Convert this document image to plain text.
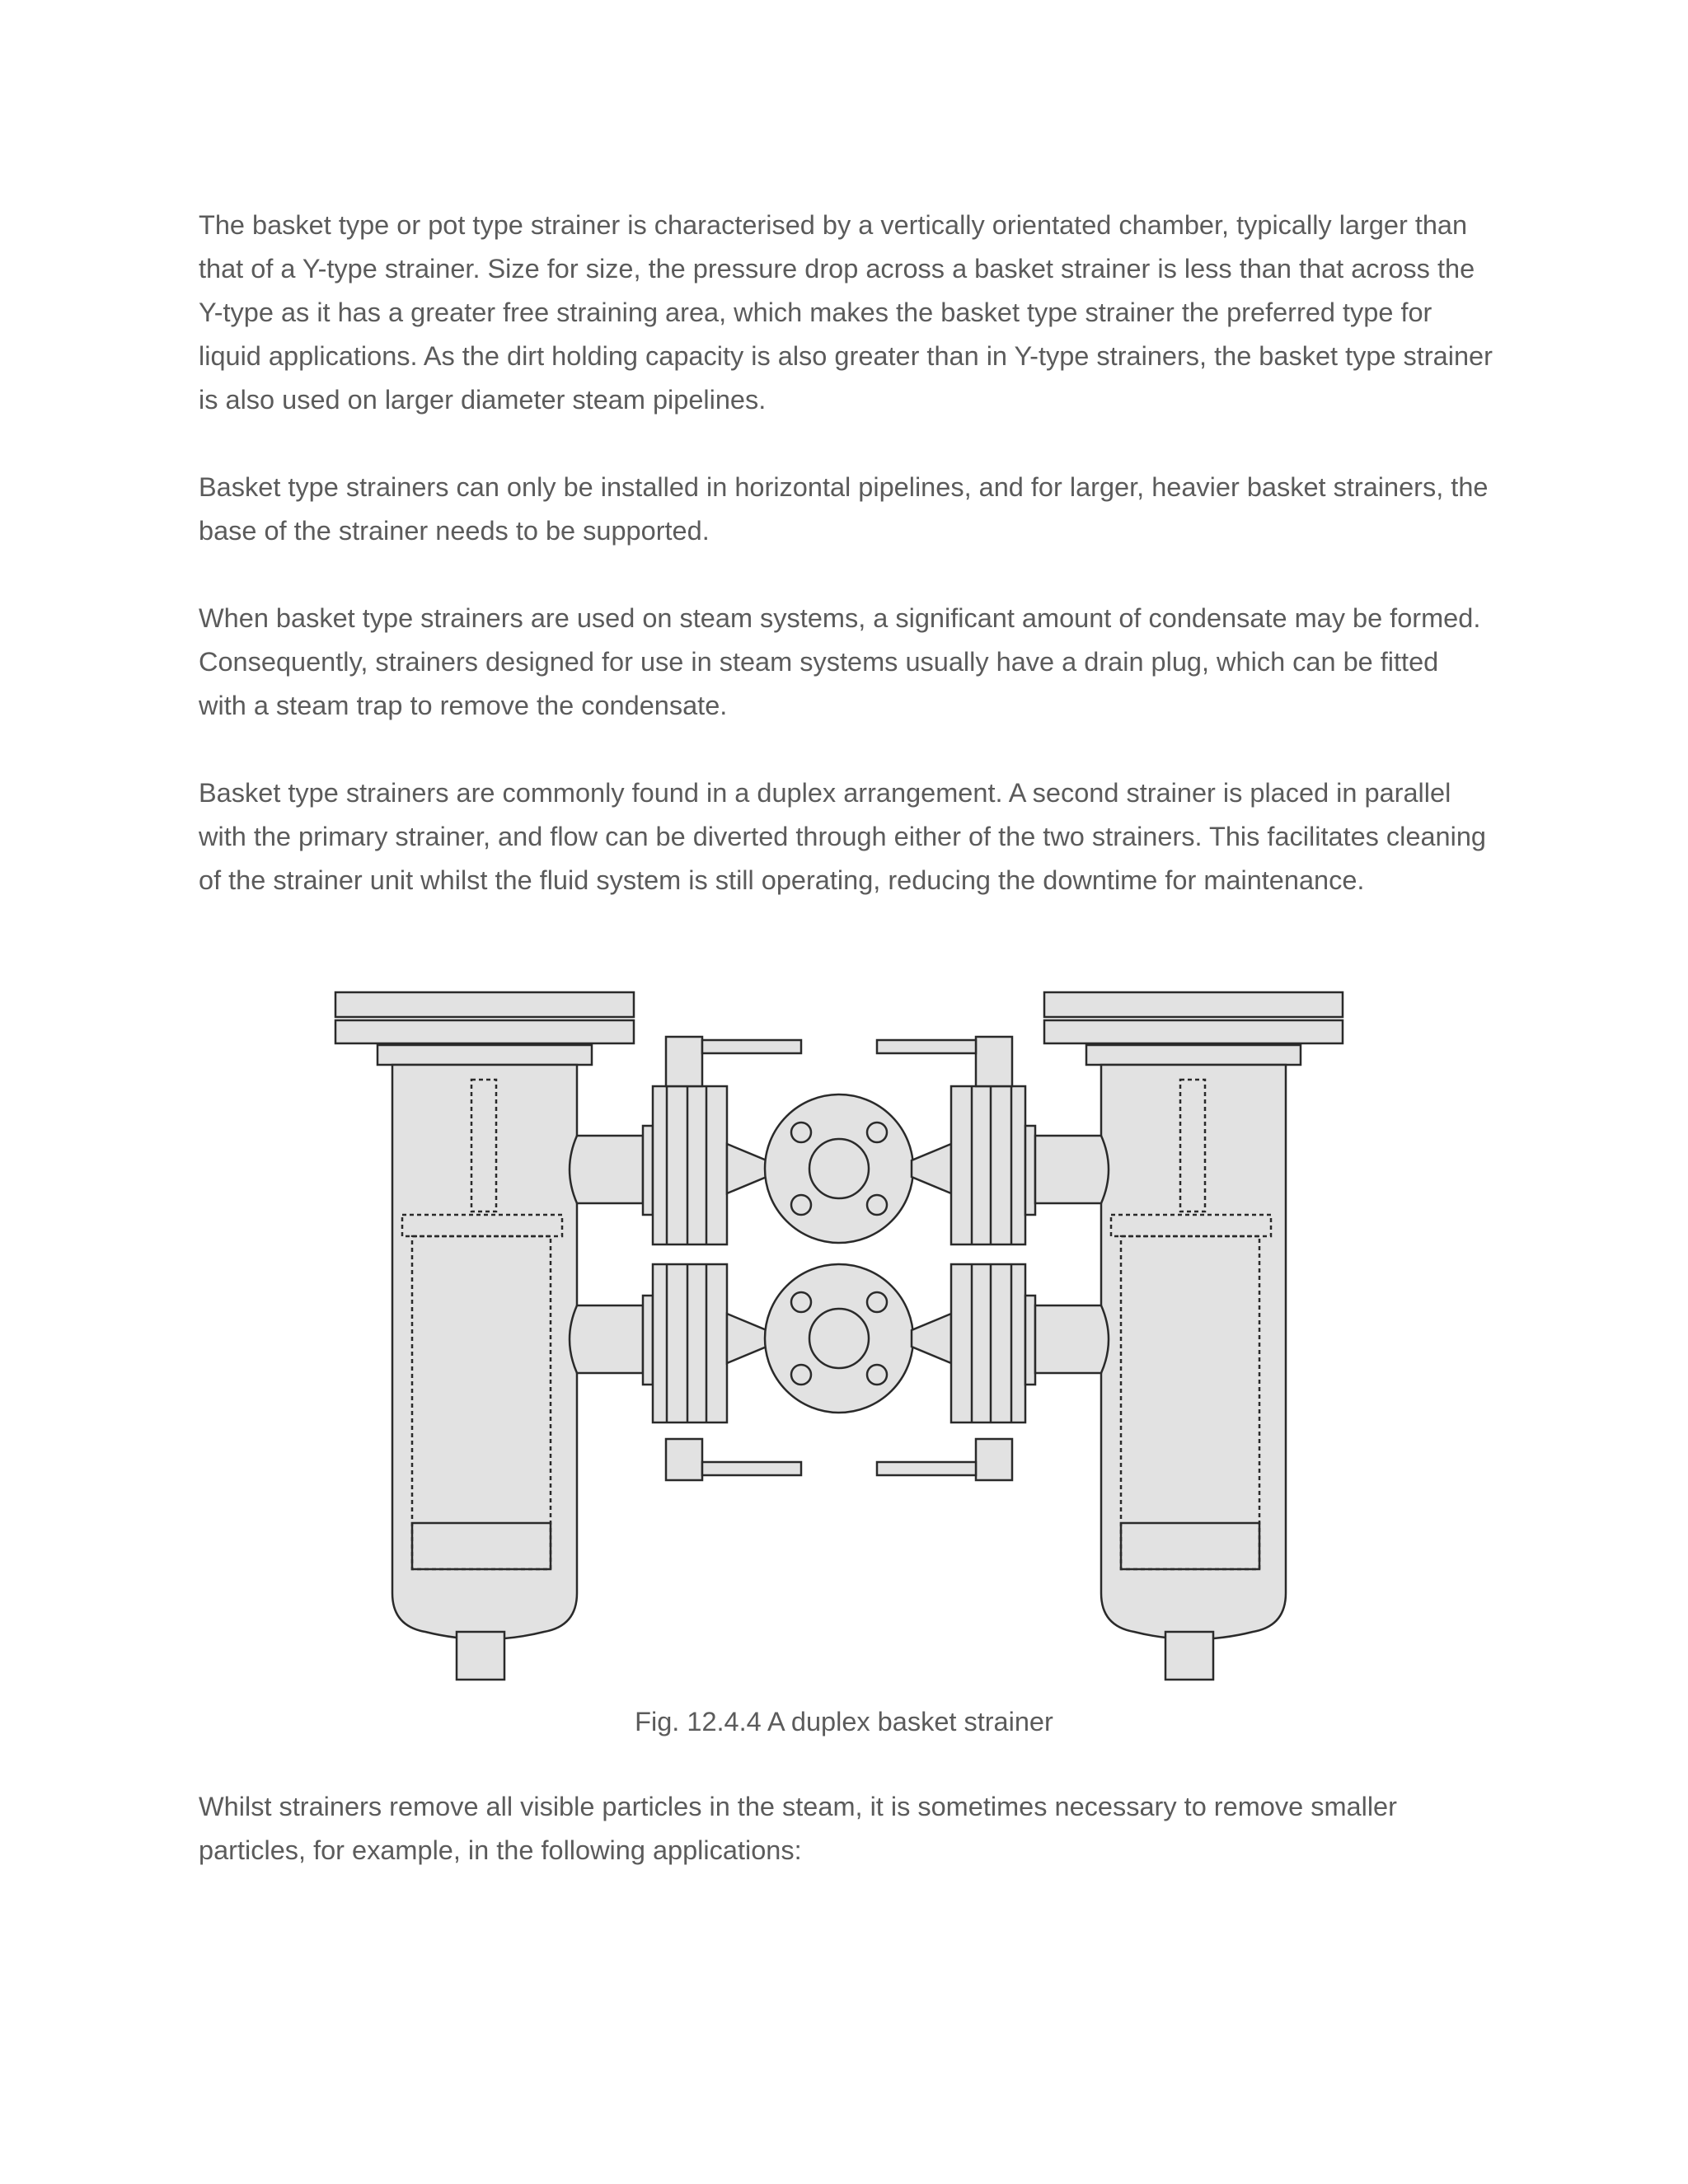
The basket type or pot type strainer is characterised by a vertically orientated chamber, typically larger than that of a Y-type strainer. Size for size, the pressure drop across a basket strainer is less than that across the Y-type as it has a greater free straining area, which makes the basket type strainer the preferred type for liquid applications. As the dirt holding capacity is also greater than in Y-type strainers, the basket type strainer is also used on larger diameter steam pipelines.

Basket type strainers can only be installed in horizontal pipelines, and for larger, heavier basket strainers, the base of the strainer needs to be supported.

When basket type strainers are used on steam systems, a significant amount of condensate may be formed. Consequently, strainers designed for use in steam systems usually have a drain plug, which can be fitted with a steam trap to remove the condensate.

Basket type strainers are commonly found in a duplex arrangement. A second strainer is placed in parallel with the primary strainer, and flow can be diverted through either of the two strainers. This facilitates cleaning of the strainer unit whilst the fluid system is still operating, reducing the downtime for maintenance.

Fig. 12.4.4 A duplex basket strainer

Whilst strainers remove all visible particles in the steam, it is sometimes necessary to remove smaller particles, for example, in the following applications:
